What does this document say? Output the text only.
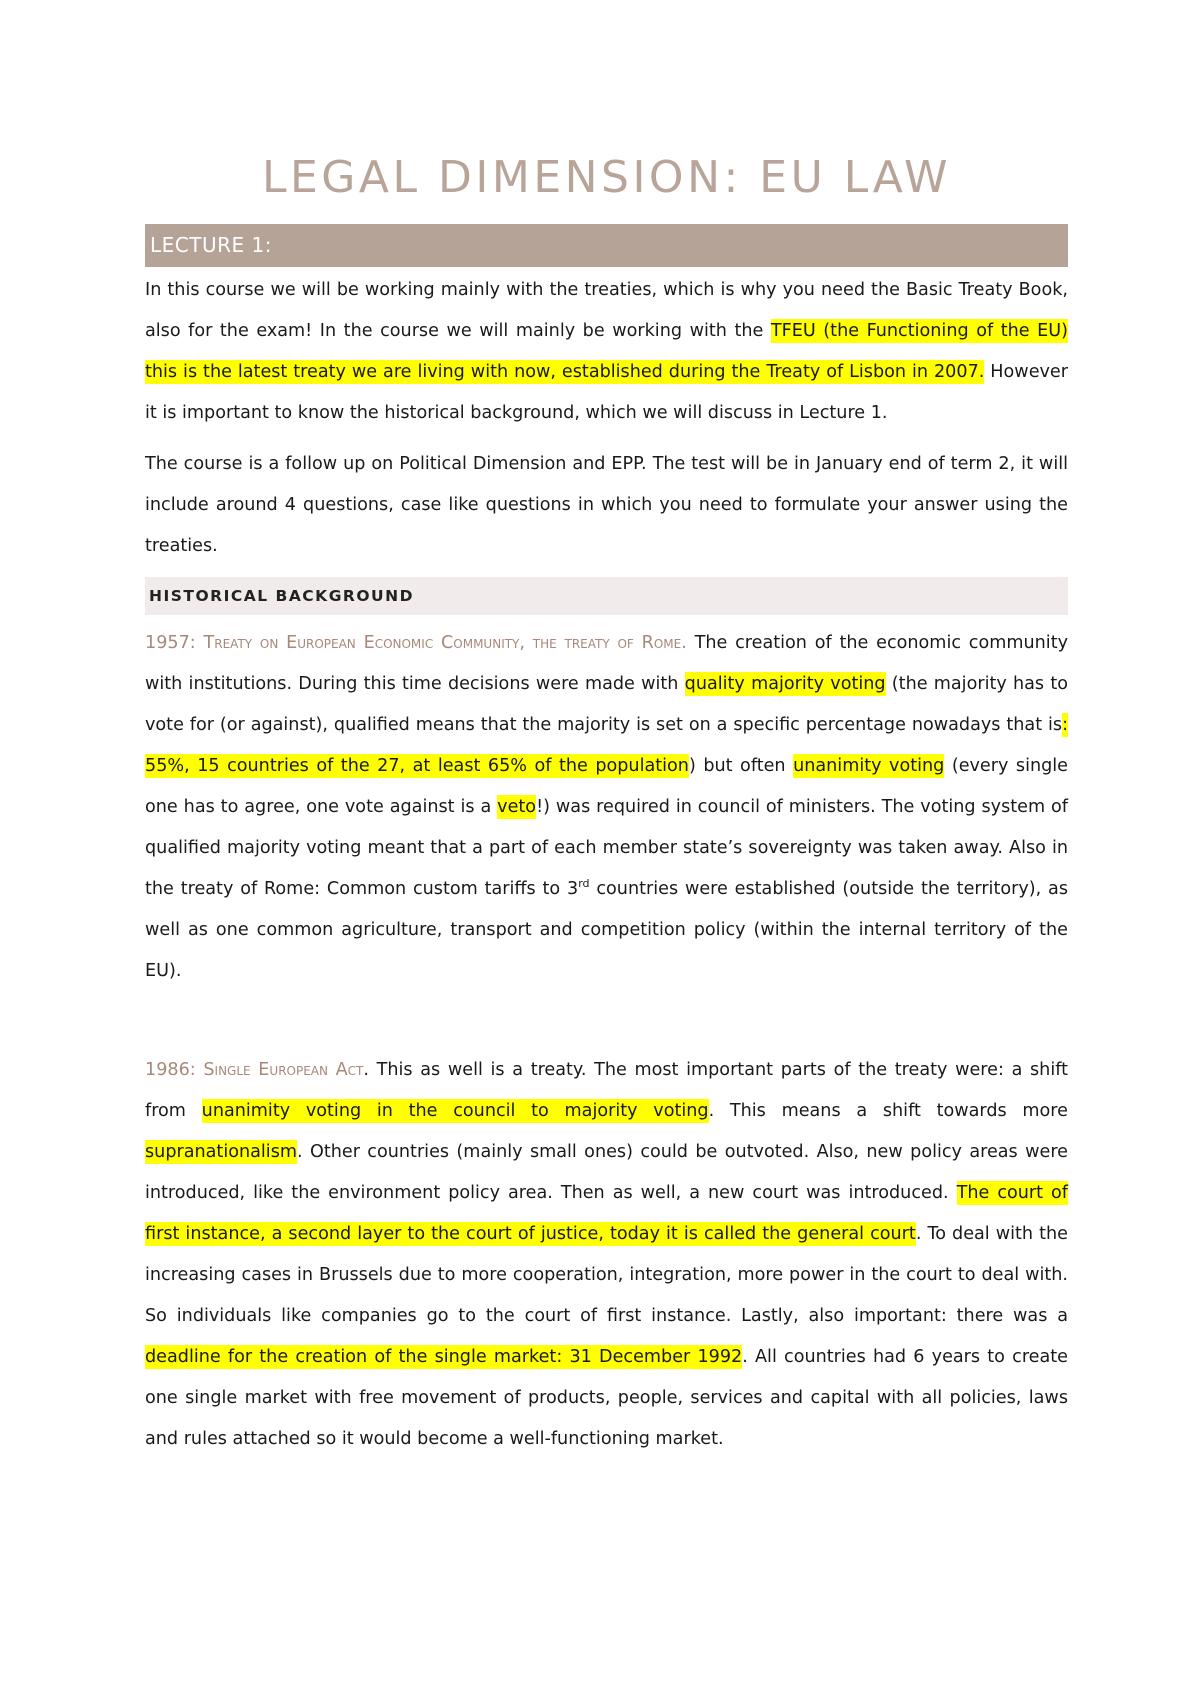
LEGAL DIMENSION: EU LAW
LECTURE 1:

In this course we will be working mainly with the treaties, which is why you need the Basic Treaty Book, also for the exam! In the course we will mainly be working with the TFEU (the Functioning of the EU) this is the latest treaty we are living with now, established during the Treaty of Lisbon in 2007. However it is important to know the historical background, which we will discuss in Lecture 1.

The course is a follow up on Political Dimension and EPP. The test will be in January end of term 2, it will include around 4 questions, case like questions in which you need to formulate your answer using the treaties.

HISTORICAL BACKGROUND

1957: Treaty on European Economic Community, the treaty of Rome. The creation of the economic community with institutions. During this time decisions were made with quality majority voting (the majority has to vote for (or against), qualified means that the majority is set on a specific percentage nowadays that is: 55%, 15 countries of the 27, at least 65% of the population) but often unanimity voting (every single one has to agree, one vote against is a veto!) was required in council of ministers. The voting system of qualified majority voting meant that a part of each member state’s sovereignty was taken away. Also in the treaty of Rome: Common custom tariffs to 3rd countries were established (outside the territory), as well as one common agriculture, transport and competition policy (within the internal territory of the EU).

1986: Single European Act. This as well is a treaty. The most important parts of the treaty were: a shift from unanimity voting in the council to majority voting. This means a shift towards more supranationalism. Other countries (mainly small ones) could be outvoted. Also, new policy areas were introduced, like the environment policy area. Then as well, a new court was introduced. The court of first instance, a second layer to the court of justice, today it is called the general court. To deal with the increasing cases in Brussels due to more cooperation, integration, more power in the court to deal with. So individuals like companies go to the court of first instance. Lastly, also important: there was a deadline for the creation of the single market: 31 December 1992. All countries had 6 years to create one single market with free movement of products, people, services and capital with all policies, laws and rules attached so it would become a well-functioning market.
